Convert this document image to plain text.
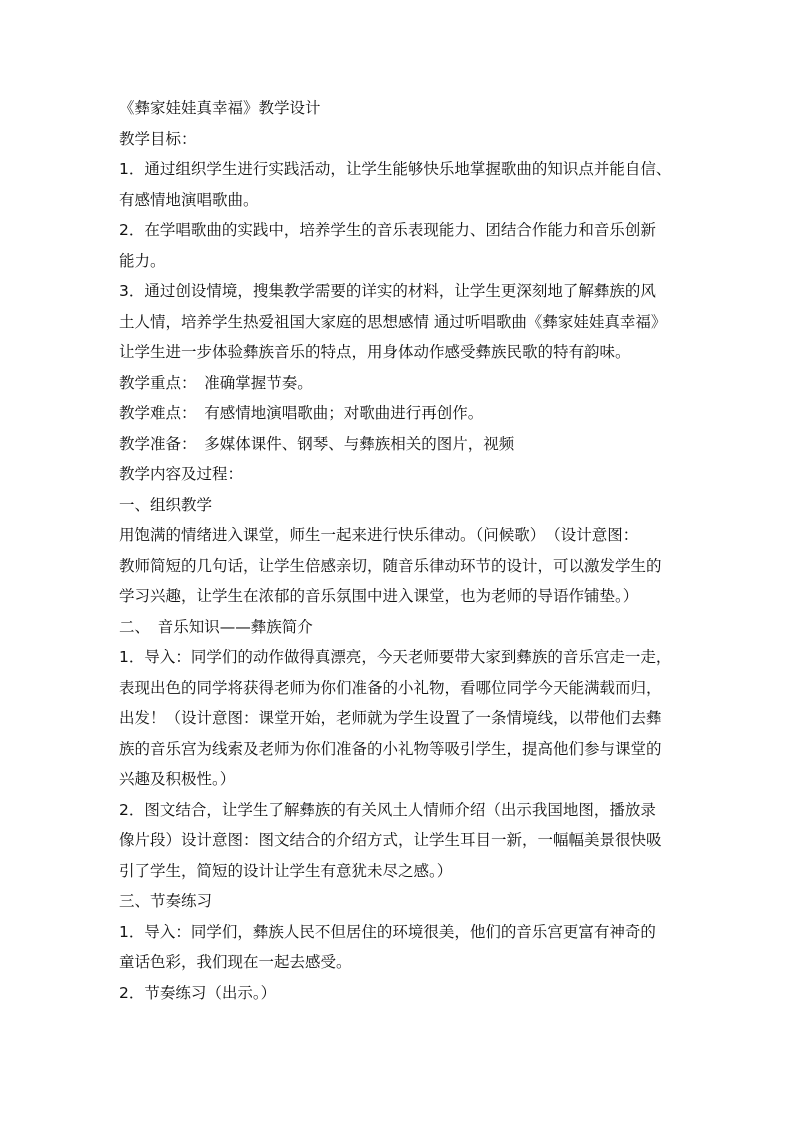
《彝家娃娃真幸福》教学设计
教学目标：
1．通过组织学生进行实践活动，让学生能够快乐地掌握歌曲的知识点并能自信、
有感情地演唱歌曲。
2．在学唱歌曲的实践中，培养学生的音乐表现能力、团结合作能力和音乐创新
能力。
3．通过创设情境，搜集教学需要的详实的材料，让学生更深刻地了解彝族的风
土人情，培养学生热爱祖国大家庭的思想感情 通过听唱歌曲《彝家娃娃真幸福》
让学生进一步体验彝族音乐的特点，用身体动作感受彝族民歌的特有韵味。
教学重点：　准确掌握节奏。
教学难点：　有感情地演唱歌曲；对歌曲进行再创作。
教学准备：　多媒体课件、钢琴、与彝族相关的图片，视频
教学内容及过程：
一、组织教学
用饱满的情绪进入课堂，师生一起来进行快乐律动。（问候歌）　（设计意图：
教师简短的几句话，让学生倍感亲切，随音乐律动环节的设计，可以激发学生的
学习兴趣，让学生在浓郁的音乐氛围中进入课堂，也为老师的导语作铺垫。）
二、　音乐知识——彝族简介
1．导入：同学们的动作做得真漂亮，今天老师要带大家到彝族的音乐宫走一走，
表现出色的同学将获得老师为你们准备的小礼物，看哪位同学今天能满载而归，
出发！（设计意图：课堂开始，老师就为学生设置了一条情境线，以带他们去彝
族的音乐宫为线索及老师为你们准备的小礼物等吸引学生，提高他们参与课堂的
兴趣及积极性。）
2．图文结合，让学生了解彝族的有关风土人情师介绍（出示我国地图，播放录
像片段）设计意图：图文结合的介绍方式，让学生耳目一新，一幅幅美景很快吸
引了学生，简短的设计让学生有意犹未尽之感。）
三、节奏练习
1．导入：同学们，彝族人民不但居住的环境很美，他们的音乐宫更富有神奇的
童话色彩，我们现在一起去感受。
2．节奏练习（出示。）
